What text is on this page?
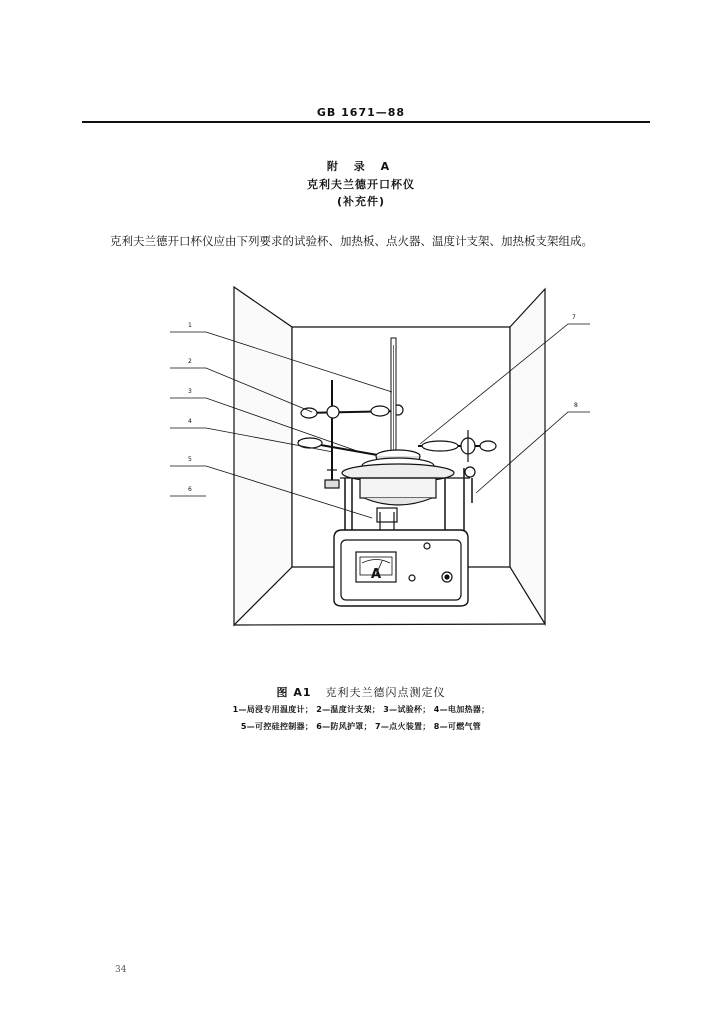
GB 1671—88
附 录 A
克利夫兰德开口杯仪
(补充件)
克利夫兰德开口杯仪应由下列要求的试验杯、加热板、点火器、温度计支架、加热板支架组成。
1
2
3
4
5
6
7
8
A
图 A1 克利夫兰德闪点测定仪
1—局浸专用温度计； 2—温度计支架； 3—试验杯； 4—电加热器；
5—可控硅控制器； 6—防风护罩； 7—点火装置； 8—可燃气管
34
